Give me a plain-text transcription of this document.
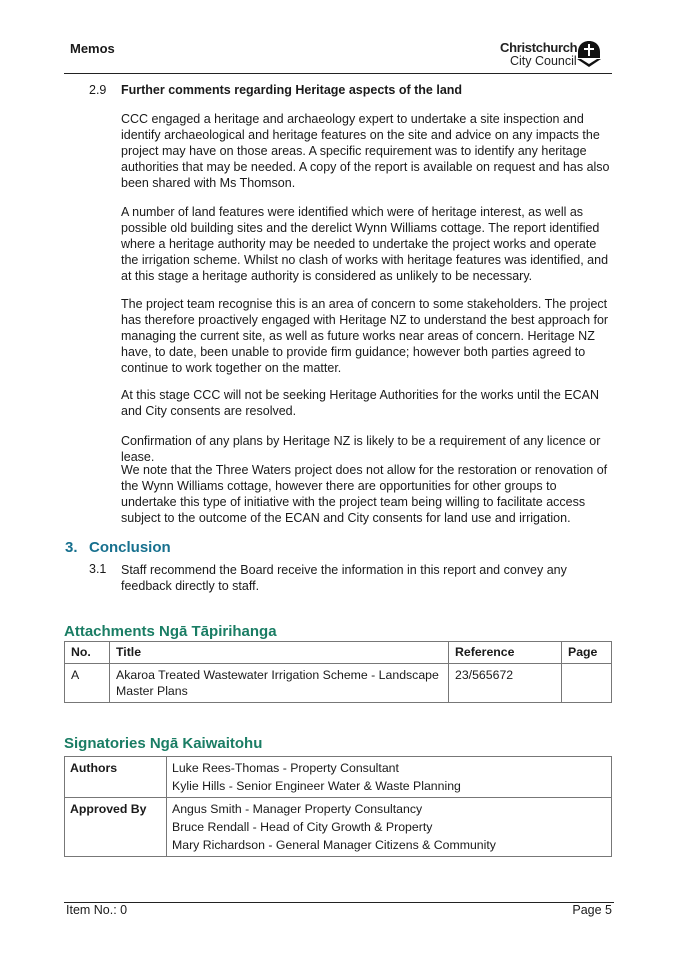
Memos	Christchurch
City Council
2.9 Further comments regarding Heritage aspects of the land
CCC engaged a heritage and archaeology expert to undertake a site inspection and identify archaeological and heritage features on the site and advice on any impacts the project may have on those areas. A specific requirement was to identify any heritage authorities that may be needed. A copy of the report is available on request and has also been shared with Ms Thomson.
A number of land features were identified which were of heritage interest, as well as possible old building sites and the derelict Wynn Williams cottage. The report identified where a heritage authority may be needed to undertake the project works and operate the irrigation scheme. Whilst no clash of works with heritage features was identified, and at this stage a heritage authority is considered as unlikely to be necessary.
The project team recognise this is an area of concern to some stakeholders. The project has therefore proactively engaged with Heritage NZ to understand the best approach for managing the current site, as well as future works near areas of concern. Heritage NZ have, to date, been unable to provide firm guidance; however both parties agreed to continue to work together on the matter.
At this stage CCC will not be seeking Heritage Authorities for the works until the ECAN and City consents are resolved.
Confirmation of any plans by Heritage NZ is likely to be a requirement of any licence or lease.
We note that the Three Waters project does not allow for the restoration or renovation of the Wynn Williams cottage, however there are opportunities for other groups to undertake this type of initiative with the project team being willing to facilitate access subject to the outcome of the ECAN and City consents for land use and irrigation.
3. Conclusion
3.1 Staff recommend the Board receive the information in this report and convey any feedback directly to staff.
Attachments Ngā Tāpirihanga
No.	Title	Reference	Page
A	Akaroa Treated Wastewater Irrigation Scheme - Landscape Master Plans	23/565672	
Signatories Ngā Kaiwaitohu
Authors	Luke Rees-Thomas - Property Consultant
Kylie Hills - Senior Engineer Water & Waste Planning

Approved By	Angus Smith - Manager Property Consultancy
Bruce Rendall - Head of City Growth & Property
Mary Richardson - General Manager Citizens & Community
Item No.: 0	Page 5
